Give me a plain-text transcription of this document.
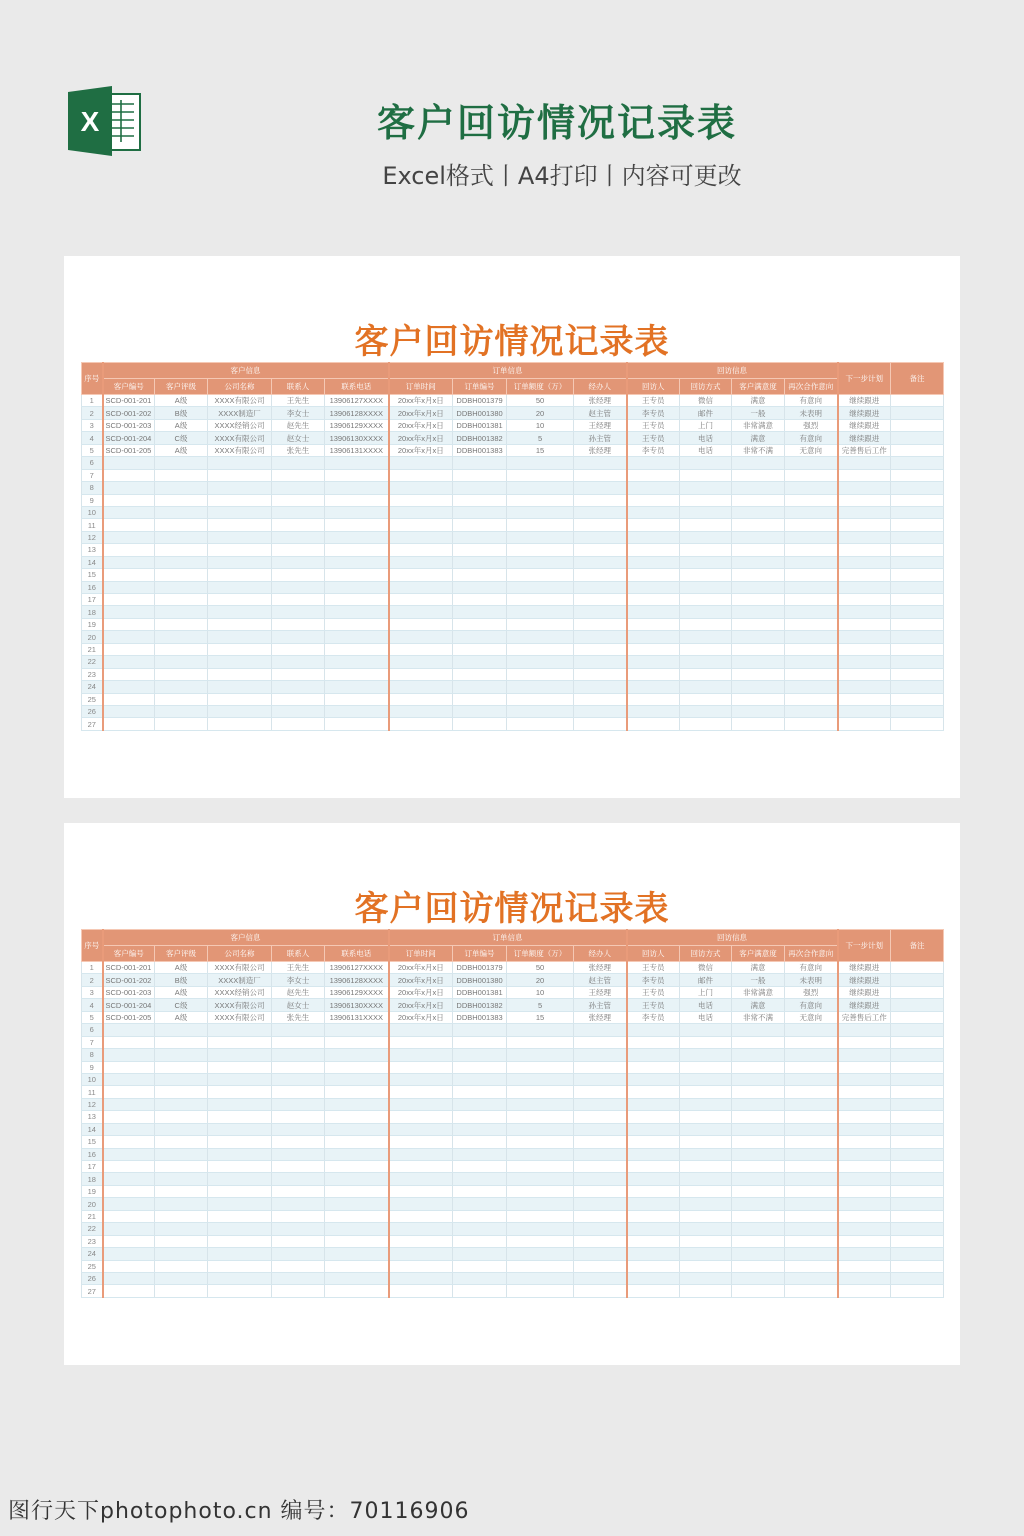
X	客户回访情况记录表
Excel格式丨A4打印丨内容可更改
客户回访情况记录表
序号	客户信息					订单信息				回访信息				下一步计划	备注
	客户编号	客户评级	公司名称	联系人	联系电话	订单时间	订单编号	订单额度（万）	经办人	回访人	回访方式	客户满意度	再次合作意向		
1	SCD-001-201	A级	XXXX有限公司	王先生	13906127XXXX	20xx年x月x日	DDBH001379	50	张经理	王专员	微信	满意	有意向	继续跟进	
2	SCD-001-202	B级	XXXX制造厂	李女士	13906128XXXX	20xx年x月x日	DDBH001380	20	赵主管	李专员	邮件	一般	未表明	继续跟进	
3	SCD-001-203	A级	XXXX经销公司	赵先生	13906129XXXX	20xx年x月x日	DDBH001381	10	王经理	王专员	上门	非常满意	强烈	继续跟进	
4	SCD-001-204	C级	XXXX有限公司	赵女士	13906130XXXX	20xx年x月x日	DDBH001382	5	孙主管	王专员	电话	满意	有意向	继续跟进	
5	SCD-001-205	A级	XXXX有限公司	张先生	13906131XXXX	20xx年x月x日	DDBH001383	15	张经理	李专员	电话	非常不满	无意向	完善售后工作	
6															
7															
8															
9															
10															
11															
12															
13															
14															
15															
16															
17															
18															
19															
20															
21															
22															
23															
24															
25															
26															
27															
客户回访情况记录表
序号	客户信息					订单信息				回访信息				下一步计划	备注
	客户编号	客户评级	公司名称	联系人	联系电话	订单时间	订单编号	订单额度（万）	经办人	回访人	回访方式	客户满意度	再次合作意向		
1	SCD-001-201	A级	XXXX有限公司	王先生	13906127XXXX	20xx年x月x日	DDBH001379	50	张经理	王专员	微信	满意	有意向	继续跟进	
2	SCD-001-202	B级	XXXX制造厂	李女士	13906128XXXX	20xx年x月x日	DDBH001380	20	赵主管	李专员	邮件	一般	未表明	继续跟进	
3	SCD-001-203	A级	XXXX经销公司	赵先生	13906129XXXX	20xx年x月x日	DDBH001381	10	王经理	王专员	上门	非常满意	强烈	继续跟进	
4	SCD-001-204	C级	XXXX有限公司	赵女士	13906130XXXX	20xx年x月x日	DDBH001382	5	孙主管	王专员	电话	满意	有意向	继续跟进	
5	SCD-001-205	A级	XXXX有限公司	张先生	13906131XXXX	20xx年x月x日	DDBH001383	15	张经理	李专员	电话	非常不满	无意向	完善售后工作	
6															
7															
8															
9															
10															
11															
12															
13															
14															
15															
16															
17															
18															
19															
20															
21															
22															
23															
24															
25															
26															
27															
图行天下photophoto.cn 编号：70116906
